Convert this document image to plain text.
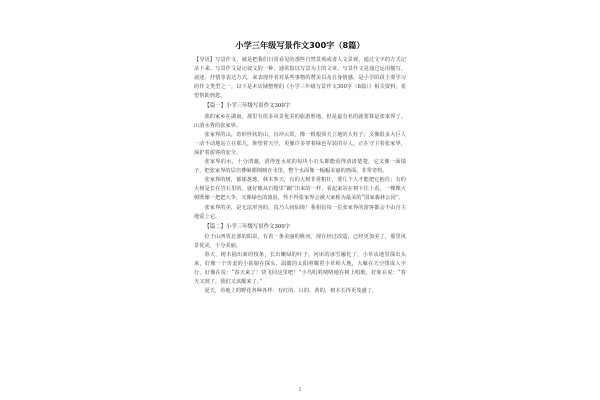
小学三年级写景作文300字（8篇）

【导语】写景作文，就是把我们日常看见的那些自然景观或者人文景观，通过文字的方式记录下来。写景作文是记叙文的一种，通常指以写景为主的文章。写景作文是通过运用描写、叙述、抒情等表达方式，来表现作者对某些事物的赞美以及自身情感，是小学阶段主要学习的作文类型之一。以下是本店铺整理的《小学三年级写景作文300字（8篇）》相关资料，希望帮助到您。

【篇一】小学三年级写景作文300字

我的家乡在湖南，那里有很多风景优美的旅游胜地，但是最有名的就要算是张家界了。山清水秀的张家界。

张家界的山，奇形怪状的山，直冲云霄，像一根根顶天立地的大柱子；又像很多大巨人一动不动地站立在那儿，仰望着天空，更像许多穿着绿色军装的军人，正在守卫着张家界，保护着游客的安全。

张家界的水，十分清澈，清得连水底的每块小石头都能看得清清楚楚，它又像一面镜子，把张家界的层峦叠嶂都倒映在水里，整个水面像一幅幅美丽的画面，非常奇特。

张家界的树，郁郁葱葱，林木参天，有的大树非常粗壮，要几个人才能把它抱住；有的大树是长在岩石里的，就好像从石缝里“蹦”出来的一样，看起来站在树下往上看，一棵棵大树既像一把把大伞，又像绿色的波浪，怪不得张家界会被大家称为最美的“国家森林公园”。

张家界的美，是无法形容的，真乃人间仙境！我相信每一位张家界的游客都会不由自主地爱上它。

【篇二】小学三年级写景作文300字

位于山西省北部的阳泉，有着一条美丽的桃河，现在经过改造，已经更加美了，那里风景优美，十分美丽。

春天，树木抽出新的枝条，长出嫩绿的叶子，河床的冰雪融化了，小草从地里探出头来，好像一个害羞的小姑娘在探头，温暖的太阳照耀着小草和大地，大雁在天空排成人字行，好像在说：“春天来了！快飞回这里吧！”小鸟叽叽喳喳地在树上唱歌，好象在说：“春天又到了，我们又该醒来了。”

夏天，草地上的野花各种各样：有红的、白的、黄的，树木长得更茂盛了，

1
